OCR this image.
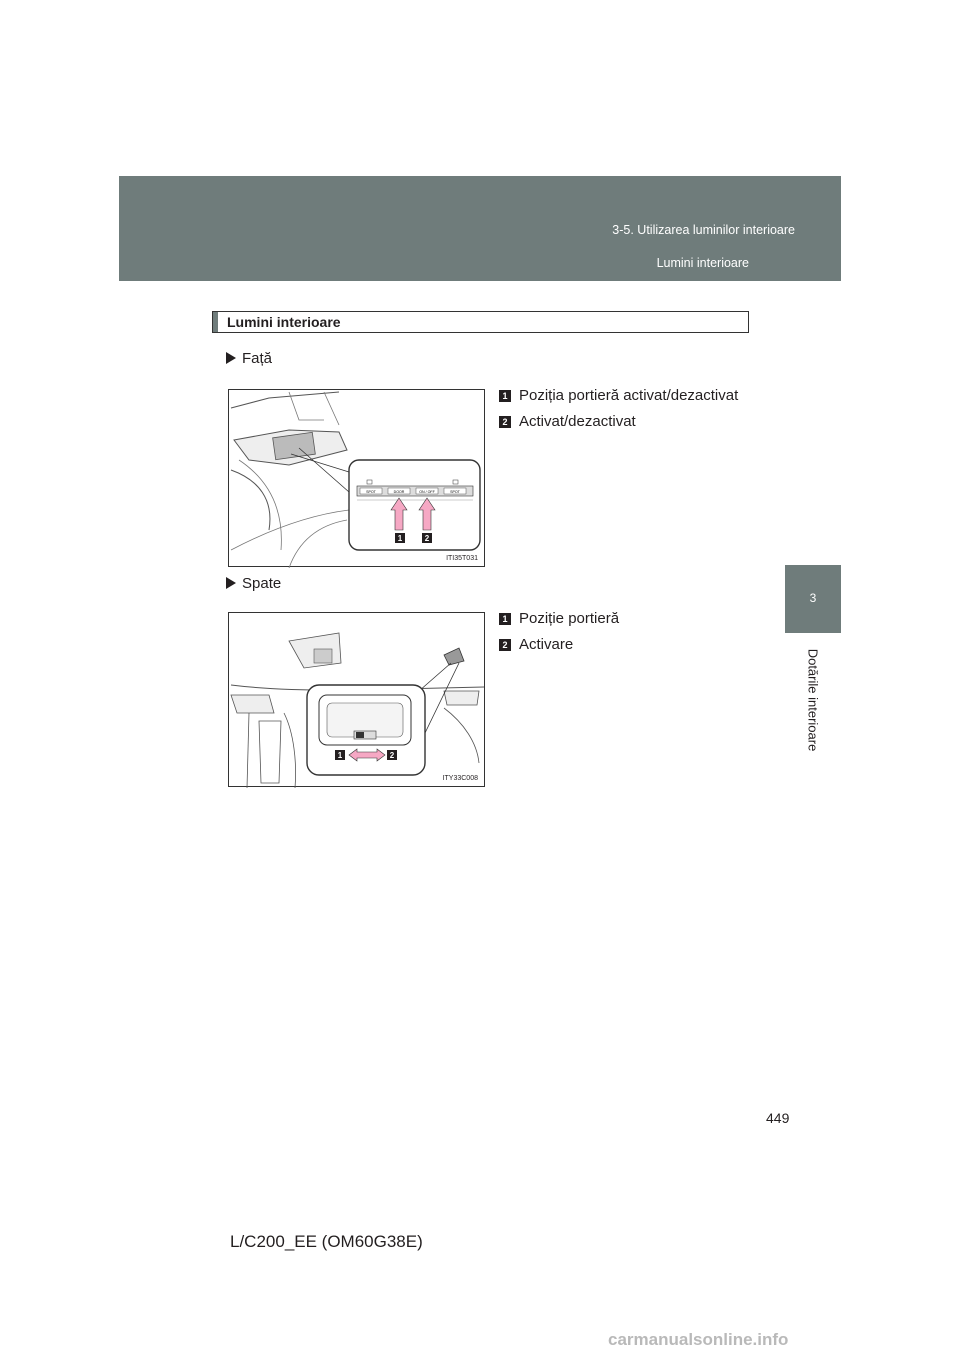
3-5. Utilizarea luminilor interioare
Lumini interioare
3
Dotările interioare
Lumini interioare
Față
SPOT	DOOR	ON / OFF	SPOT
1	2
ITI35T031
1 Poziția portieră activat/dezactivat
2 Activat/dezactivat
Spate
1	2
ITY33C008
1 Poziție portieră
2 Activare
449
L/C200_EE (OM60G38E)
carmanualsonline.info
